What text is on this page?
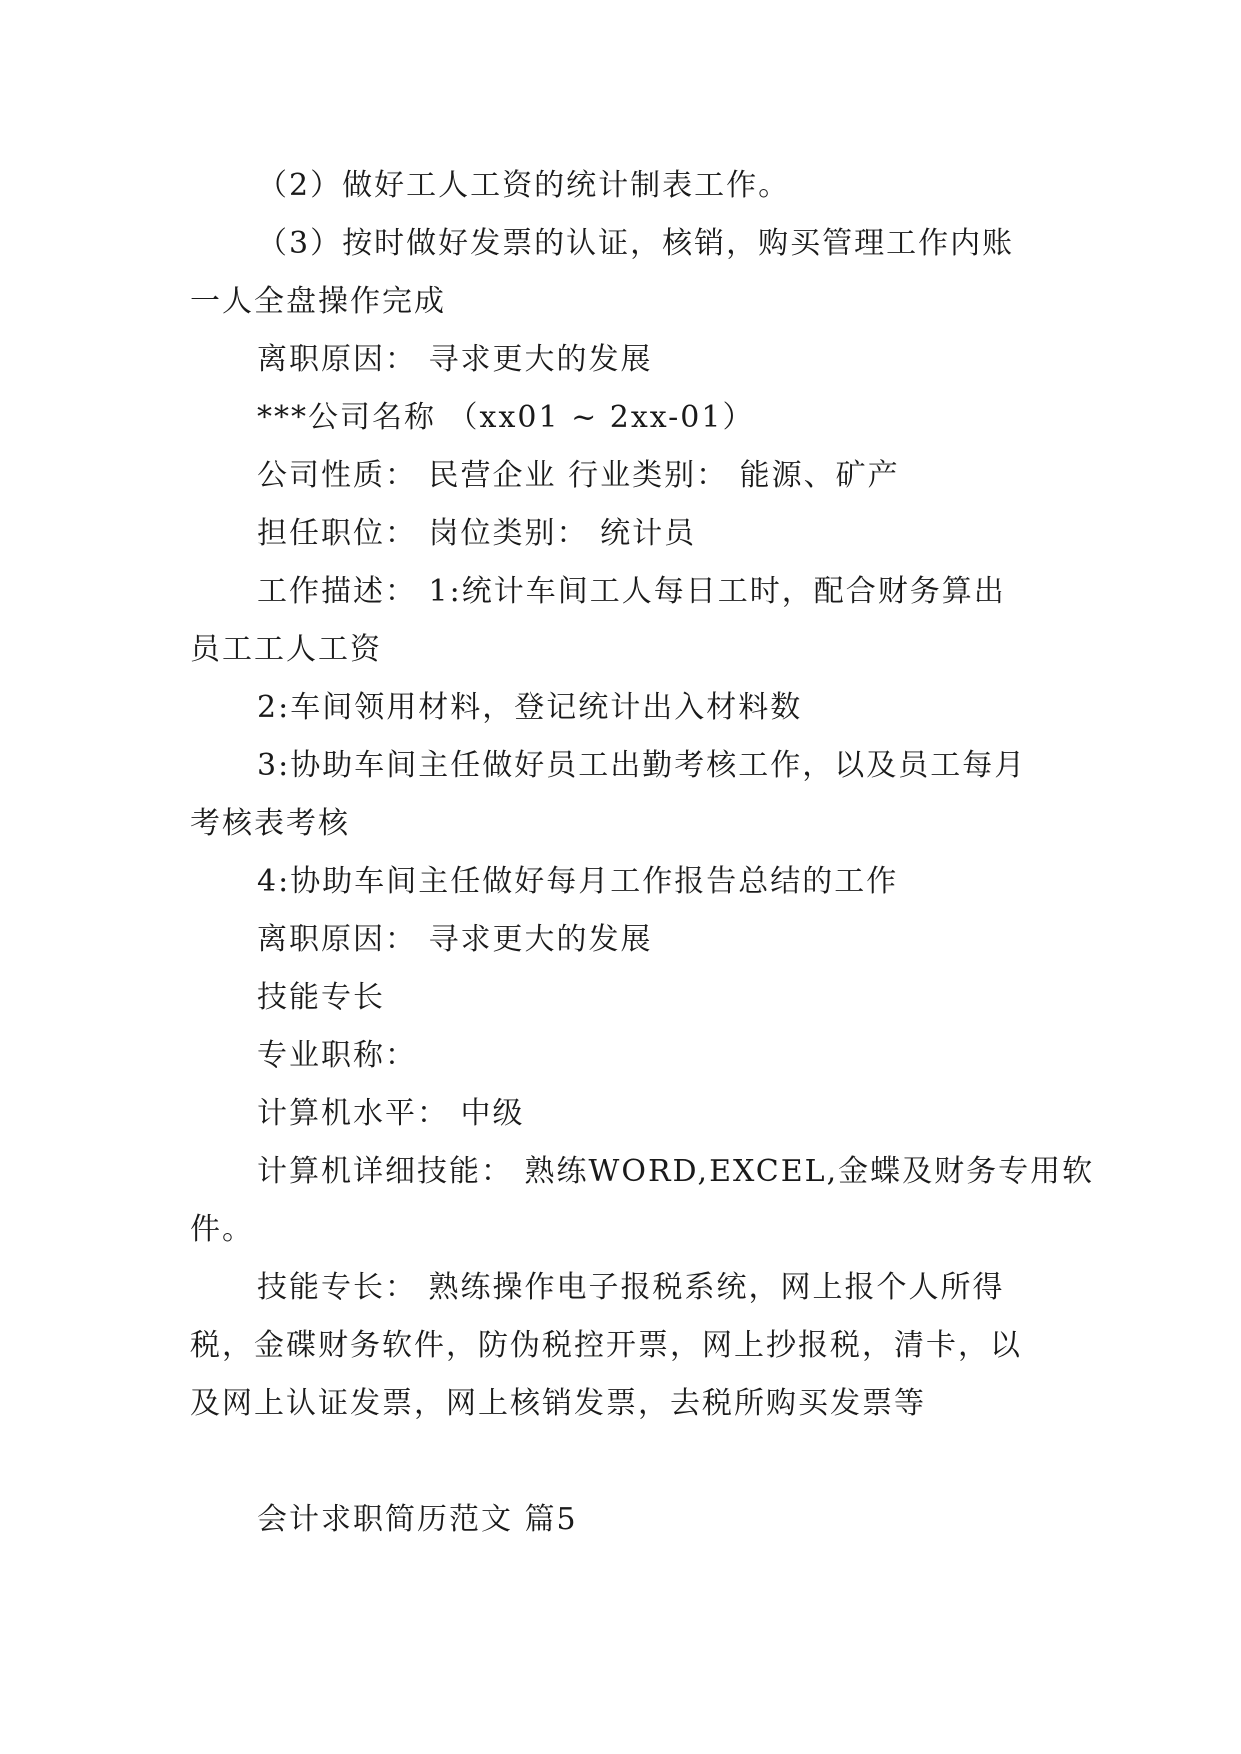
（2）做好工人工资的统计制表工作。
（3）按时做好发票的认证，核销，购买管理工作内账
一人全盘操作完成
离职原因： 寻求更大的发展
***公司名称 （xx01 ~ 2xx-01）
公司性质： 民营企业 行业类别： 能源、矿产
担任职位： 岗位类别： 统计员
工作描述： 1:统计车间工人每日工时，配合财务算出
员工工人工资
2:车间领用材料，登记统计出入材料数
3:协助车间主任做好员工出勤考核工作，以及员工每月
考核表考核
4:协助车间主任做好每月工作报告总结的工作
离职原因： 寻求更大的发展
技能专长
专业职称：
计算机水平： 中级
计算机详细技能： 熟练WORD,EXCEL,金蝶及财务专用软
件。
技能专长： 熟练操作电子报税系统，网上报个人所得
税，金碟财务软件，防伪税控开票，网上抄报税，清卡，以
及网上认证发票，网上核销发票，去税所购买发票等
会计求职简历范文 篇5
